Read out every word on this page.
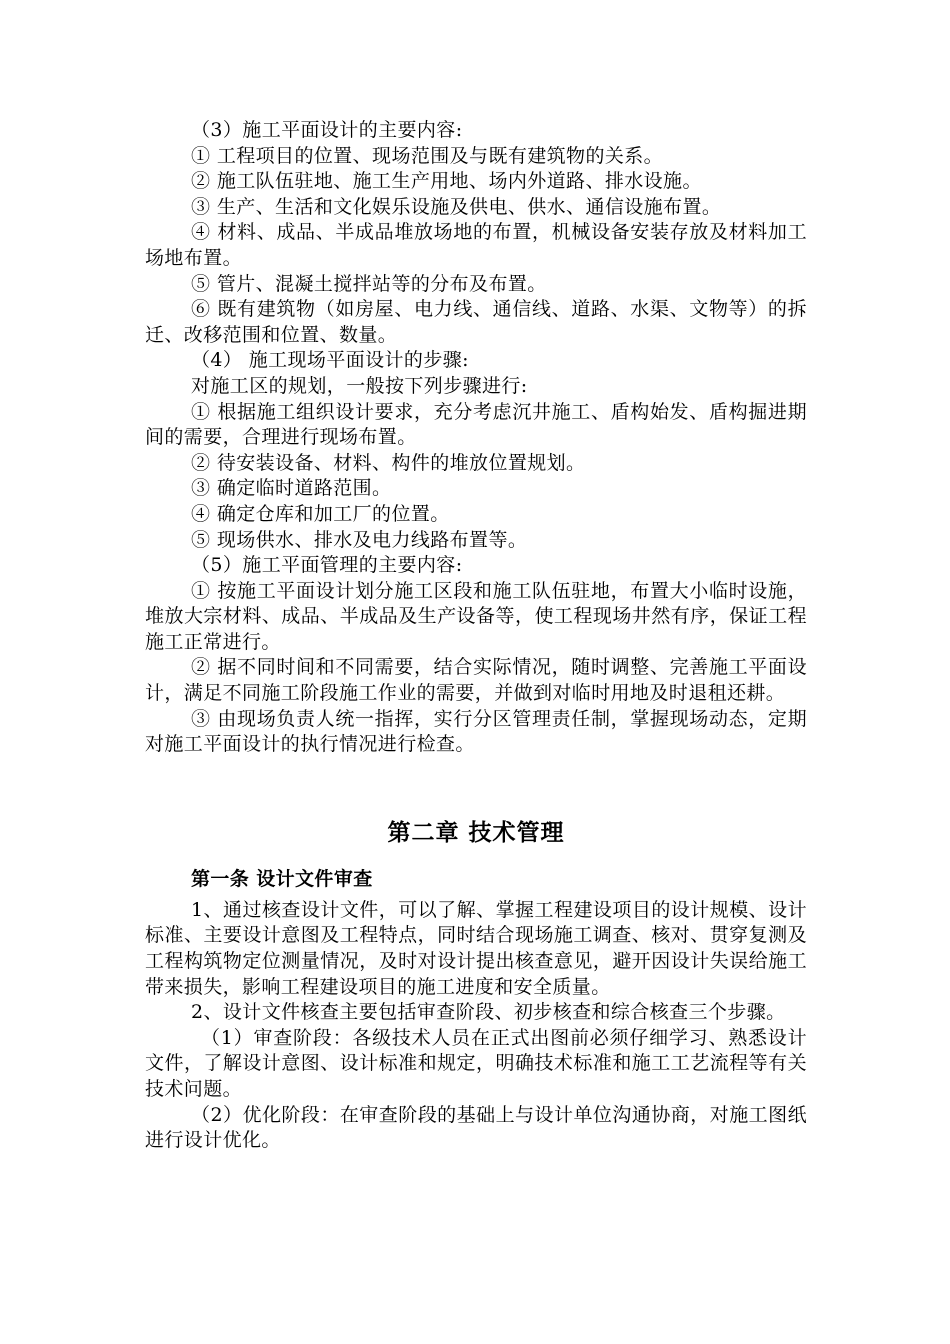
（3）施工平面设计的主要内容:

① 工程项目的位置、现场范围及与既有建筑物的关系。

② 施工队伍驻地、施工生产用地、场内外道路、排水设施。

③ 生产、生活和文化娱乐设施及供电、供水、通信设施布置。

④ 材料、成品、半成品堆放场地的布置，机械设备安装存放及材料加工场地布置。

⑤ 管片、混凝土搅拌站等的分布及布置。

⑥ 既有建筑物（如房屋、电力线、通信线、道路、水渠、文物等）的拆迁、改移范围和位置、数量。

（4） 施工现场平面设计的步骤:

对施工区的规划，一般按下列步骤进行:

① 根据施工组织设计要求，充分考虑沉井施工、盾构始发、盾构掘进期间的需要，合理进行现场布置。

② 待安装设备、材料、构件的堆放位置规划。

③ 确定临时道路范围。

④ 确定仓库和加工厂的位置。

⑤ 现场供水、排水及电力线路布置等。

（5）施工平面管理的主要内容:

① 按施工平面设计划分施工区段和施工队伍驻地，布置大小临时设施，堆放大宗材料、成品、半成品及生产设备等，使工程现场井然有序，保证工程施工正常进行。

② 据不同时间和不同需要，结合实际情况，随时调整、完善施工平面设计，满足不同施工阶段施工作业的需要，并做到对临时用地及时退租还耕。

③ 由现场负责人统一指挥，实行分区管理责任制，掌握现场动态，定期对施工平面设计的执行情况进行检查。

第二章 技术管理
第一条 设计文件审查

1、通过核查设计文件，可以了解、掌握工程建设项目的设计规模、设计标准、主要设计意图及工程特点，同时结合现场施工调查、核对、贯穿复测及工程构筑物定位测量情况，及时对设计提出核查意见，避开因设计失误给施工带来损失，影响工程建设项目的施工进度和安全质量。

2、设计文件核查主要包括审查阶段、初步核查和综合核查三个步骤。

（1）审查阶段：各级技术人员在正式出图前必须仔细学习、熟悉设计文件，了解设计意图、设计标准和规定，明确技术标准和施工工艺流程等有关技术问题。

（2）优化阶段：在审查阶段的基础上与设计单位沟通协商，对施工图纸进行设计优化。
